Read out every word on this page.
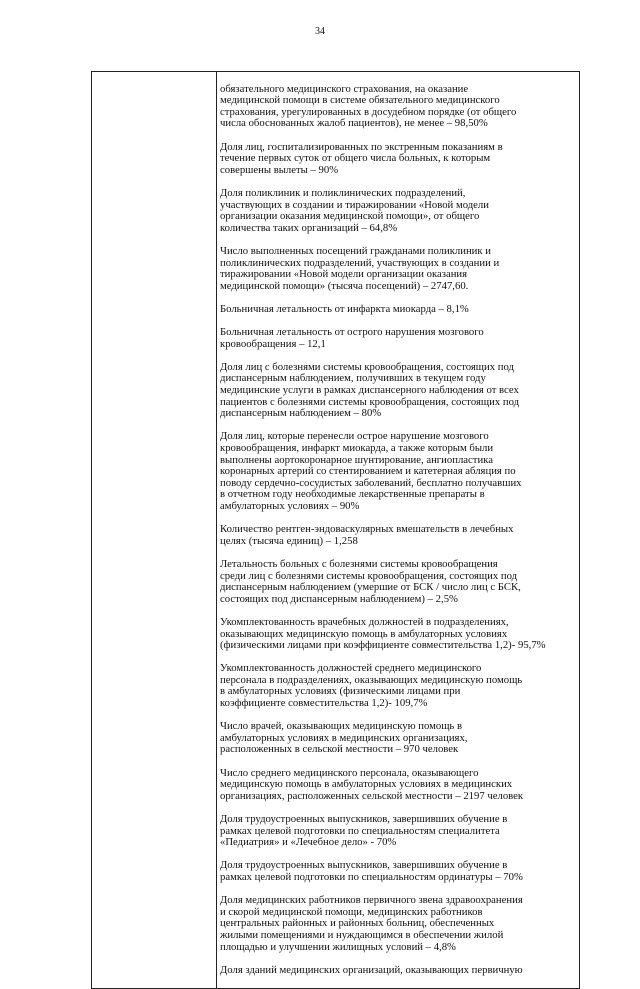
34

обязательного медицинского страхования, на оказание
медицинской помощи в системе обязательного медицинского
страхования, урегулированных в досудебном порядке (от общего
числа обоснованных жалоб пациентов), не менее – 98,50%

Доля лиц, госпитализированных по экстренным показаниям в
течение первых суток от общего числа больных, к которым
совершены вылеты – 90%

Доля поликлиник и поликлинических подразделений,
участвующих в создании и тиражировании «Новой модели
организации оказания медицинской помощи», от общего
количества таких организаций – 64,8%

Число выполненных посещений гражданами поликлиник и
поликлинических подразделений, участвующих в создании и
тиражировании «Новой модели организации оказания
медицинской помощи» (тысяча посещений) – 2747,60.

Больничная летальность от инфаркта миокарда – 8,1%

Больничная летальность от острого нарушения мозгового
кровообращения – 12,1

Доля лиц с болезнями системы кровообращения, состоящих под
диспансерным наблюдением, получивших в текущем году
медицинские услуги в рамках диспансерного наблюдения от всех
пациентов с болезнями системы кровообращения, состоящих под
диспансерным наблюдением – 80%

Доля лиц, которые перенесли острое нарушение мозгового
кровообращения, инфаркт миокарда, а также которым были
выполнены аортокоронарное шунтирование, ангиопластика
коронарных артерий со стентированием и катетерная абляция по
поводу сердечно-сосудистых заболеваний, бесплатно получавших
в отчетном году необходимые лекарственные препараты в
амбулаторных условиях – 90%

Количество рентген-эндоваскулярных вмешательств в лечебных
целях (тысяча единиц) – 1,258

Летальность больных с болезнями системы кровообращения
среди лиц с болезнями системы кровообращения, состоящих под
диспансерным наблюдением (умершие от БСК / число лиц с БСК,
состоящих под диспансерным наблюдением) – 2,5%

Укомплектованность врачебных должностей в подразделениях,
оказывающих медицинскую помощь в амбулаторных условиях
(физическими лицами при коэффициенте совместительства 1,2)- 95,7%

Укомплектованность должностей среднего медицинского
персонала в подразделениях, оказывающих медицинскую помощь
в амбулаторных условиях (физическими лицами при
коэффициенте совместительства 1,2)- 109,7%

Число врачей, оказывающих медицинскую помощь в
амбулаторных условиях в медицинских организациях,
расположенных в сельской местности – 970 человек

Число среднего медицинского персонала, оказывающего
медицинскую помощь в амбулаторных условиях в медицинских
организациях, расположенных сельской местности – 2197 человек

Доля трудоустроенных выпускников, завершивших обучение в
рамках целевой подготовки по специальностям специалитета
«Педиатрия» и «Лечебное дело» - 70%

Доля трудоустроенных выпускников, завершивших обучение в
рамках целевой подготовки по специальностям ординатуры – 70%

Доля медицинских работников первичного звена здравоохранения
и скорой медицинской помощи, медицинских работников
центральных районных и районных больниц, обеспеченных
жилыми помещениями и нуждающимся в обеспечении жилой
площадью и улучшении жилищных условий – 4,8%

Доля зданий медицинских организаций, оказывающих первичную
